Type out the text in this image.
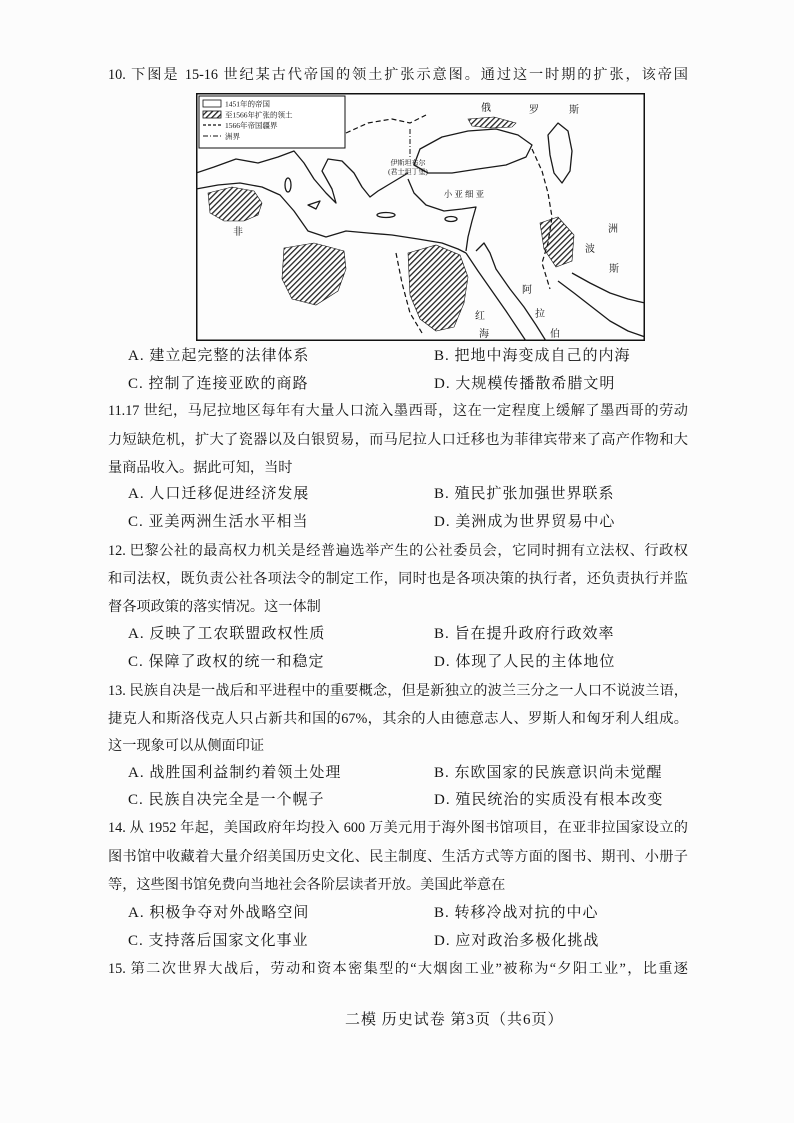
10. 下图是 15-16 世纪某古代帝国的领土扩张示意图。通过这一时期的扩张，该帝国
俄	罗	斯
伊斯坦布尔
(君士坦丁堡)
小 亚 细 亚
洲
波
斯
阿
拉
伯
红
海
非
1451年的帝国
至1566年扩张的领土
1566年帝国疆界
洲界
A. 建立起完整的法律体系	B. 把地中海变成自己的内海
C. 控制了连接亚欧的商路	D. 大规模传播散希腊文明
11.17 世纪，马尼拉地区每年有大量人口流入墨西哥，这在一定程度上缓解了墨西哥的劳动
力短缺危机，扩大了瓷器以及白银贸易，而马尼拉人口迁移也为菲律宾带来了高产作物和大
量商品收入。据此可知，当时
A. 人口迁移促进经济发展	B. 殖民扩张加强世界联系
C. 亚美两洲生活水平相当	D. 美洲成为世界贸易中心
12. 巴黎公社的最高权力机关是经普遍选举产生的公社委员会，它同时拥有立法权、行政权
和司法权，既负责公社各项法令的制定工作，同时也是各项决策的执行者，还负责执行并监
督各项政策的落实情况。这一体制
A. 反映了工农联盟政权性质	B. 旨在提升政府行政效率
C. 保障了政权的统一和稳定	D. 体现了人民的主体地位
13. 民族自决是一战后和平进程中的重要概念，但是新独立的波兰三分之一人口不说波兰语，
捷克人和斯洛伐克人只占新共和国的67%，其余的人由德意志人、罗斯人和匈牙利人组成。
这一现象可以从侧面印证
A. 战胜国利益制约着领土处理	B. 东欧国家的民族意识尚未觉醒
C. 民族自决完全是一个幌子	D. 殖民统治的实质没有根本改变
14. 从 1952 年起，美国政府年均投入 600 万美元用于海外图书馆项目，在亚非拉国家设立的
图书馆中收藏着大量介绍美国历史文化、民主制度、生活方式等方面的图书、期刊、小册子
等，这些图书馆免费向当地社会各阶层读者开放。美国此举意在
A. 积极争夺对外战略空间	B. 转移冷战对抗的中心
C. 支持落后国家文化事业	D. 应对政治多极化挑战
15. 第二次世界大战后，劳动和资本密集型的“大烟囱工业”被称为“夕阳工业”，比重逐
二模 历史试卷 第3页（共6页）
